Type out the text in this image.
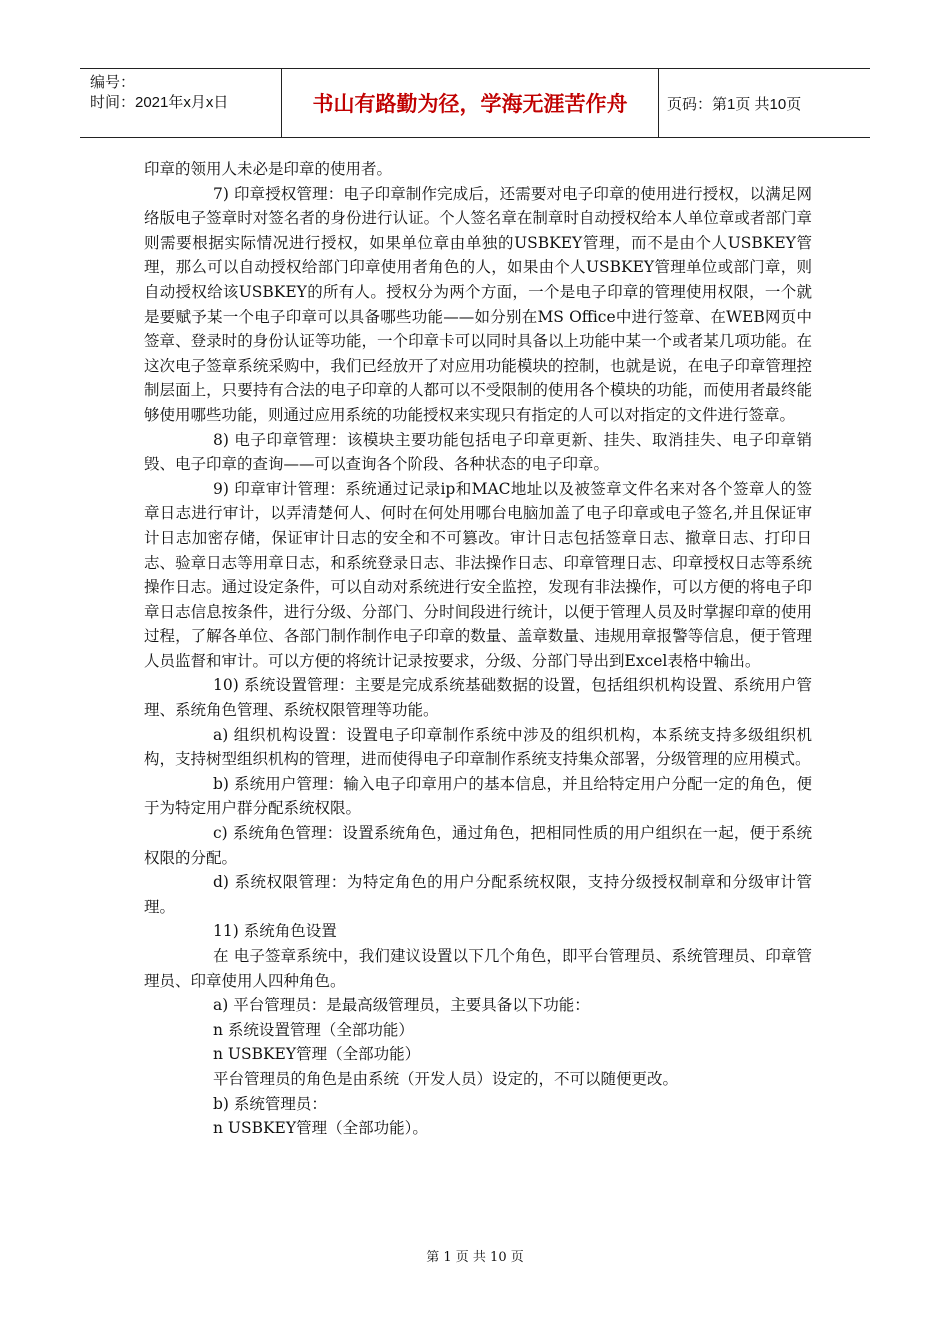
编号：
时间：2021年x月x日	书山有路勤为径，学海无涯苦作舟	页码：第1页 共10页

印章的领用人未必是印章的使用者。

7) 印章授权管理：电子印章制作完成后，还需要对电子印章的使用进行授权，以满足网络版电子签章时对签名者的身份进行认证。个人签名章在制章时自动授权给本人单位章或者部门章则需要根据实际情况进行授权，如果单位章由单独的USBKEY管理，而不是由个人USBKEY管理，那么可以自动授权给部门印章使用者角色的人，如果由个人USBKEY管理单位或部门章，则自动授权给该USBKEY的所有人。授权分为两个方面，一个是电子印章的管理使用权限，一个就是要赋予某一个电子印章可以具备哪些功能——如分别在MS Office中进行签章、在WEB网页中签章、登录时的身份认证等功能，一个印章卡可以同时具备以上功能中某一个或者某几项功能。在这次电子签章系统采购中，我们已经放开了对应用功能模块的控制，也就是说，在电子印章管理控制层面上，只要持有合法的电子印章的人都可以不受限制的使用各个模块的功能，而使用者最终能够使用哪些功能，则通过应用系统的功能授权来实现只有指定的人可以对指定的文件进行签章。

8) 电子印章管理：该模块主要功能包括电子印章更新、挂失、取消挂失、电子印章销毁、电子印章的查询——可以查询各个阶段、各种状态的电子印章。

9) 印章审计管理：系统通过记录ip和MAC地址以及被签章文件名来对各个签章人的签章日志进行审计，以弄清楚何人、何时在何处用哪台电脑加盖了电子印章或电子签名,并且保证审计日志加密存储，保证审计日志的安全和不可篡改。审计日志包括签章日志、撤章日志、打印日志、验章日志等用章日志，和系统登录日志、非法操作日志、印章管理日志、印章授权日志等系统操作日志。通过设定条件，可以自动对系统进行安全监控，发现有非法操作，可以方便的将电子印章日志信息按条件，进行分级、分部门、分时间段进行统计，以便于管理人员及时掌握印章的使用过程，了解各单位、各部门制作制作电子印章的数量、盖章数量、违规用章报警等信息，便于管理人员监督和审计。可以方便的将统计记录按要求，分级、分部门导出到Excel表格中输出。

10) 系统设置管理：主要是完成系统基础数据的设置，包括组织机构设置、系统用户管理、系统角色管理、系统权限管理等功能。

a) 组织机构设置：设置电子印章制作系统中涉及的组织机构，本系统支持多级组织机构，支持树型组织机构的管理，进而使得电子印章制作系统支持集众部署，分级管理的应用模式。

b) 系统用户管理：输入电子印章用户的基本信息，并且给特定用户分配一定的角色，便于为特定用户群分配系统权限。

c) 系统角色管理：设置系统角色，通过角色，把相同性质的用户组织在一起，便于系统权限的分配。

d) 系统权限管理：为特定角色的用户分配系统权限，支持分级授权制章和分级审计管理。

11) 系统角色设置

在 电子签章系统中，我们建议设置以下几个角色，即平台管理员、系统管理员、印章管理员、印章使用人四种角色。

a) 平台管理员：是最高级管理员，主要具备以下功能：

n 系统设置管理（全部功能）

n USBKEY管理（全部功能）

平台管理员的角色是由系统（开发人员）设定的，不可以随便更改。

b) 系统管理员：

n USBKEY管理（全部功能）。

第 1 页 共 10 页
